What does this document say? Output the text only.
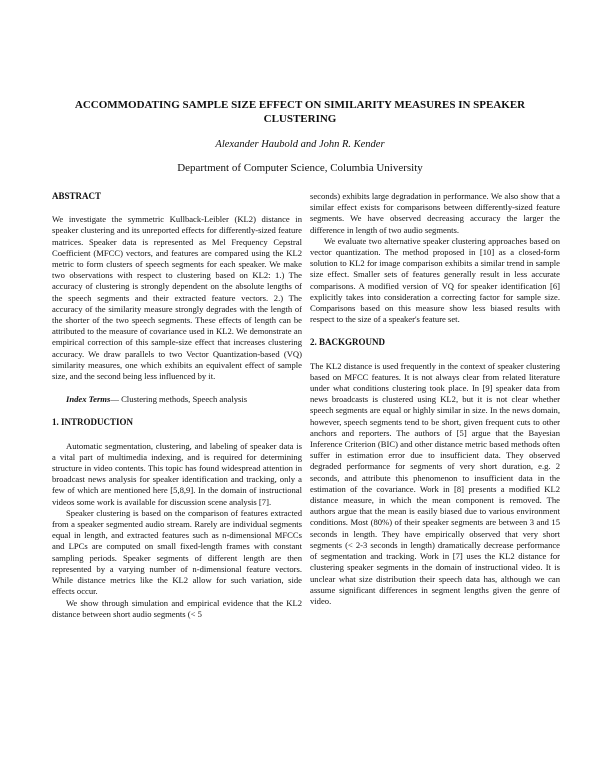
ACCOMMODATING SAMPLE SIZE EFFECT ON SIMILARITY MEASURES IN SPEAKER CLUSTERING
Alexander Haubold and John R. Kender
Department of Computer Science, Columbia University

ABSTRACT

We investigate the symmetric Kullback-Leibler (KL2) distance in speaker clustering and its unreported effects for differently-sized feature matrices. Speaker data is represented as Mel Frequency Cepstral Coefficient (MFCC) vectors, and features are compared using the KL2 metric to form clusters of speech segments for each speaker. We make two observations with respect to clustering based on KL2: 1.) The accuracy of clustering is strongly dependent on the absolute lengths of the speech segments and their extracted feature vectors. 2.) The accuracy of the similarity measure strongly degrades with the length of the shorter of the two speech segments. These effects of length can be attributed to the measure of covariance used in KL2. We demonstrate an empirical correction of this sample-size effect that increases clustering accuracy. We draw parallels to two Vector Quantization-based (VQ) similarity measures, one which exhibits an equivalent effect of sample size, and the second being less influenced by it.

Index Terms— Clustering methods, Speech analysis

1. INTRODUCTION

Automatic segmentation, clustering, and labeling of speaker data is a vital part of multimedia indexing, and is required for determining structure in video contents. This topic has found widespread attention in broadcast news analysis for speaker identification and tracking, only a few of which are mentioned here [5,8,9]. In the domain of instructional videos some work is available for discussion scene analysis [7].

Speaker clustering is based on the comparison of features extracted from a speaker segmented audio stream. Rarely are individual segments equal in length, and extracted features such as n-dimensional MFCCs and LPCs are computed on small fixed-length frames with constant sampling periods. Speaker segments of different length are then represented by a varying number of n-dimensional feature vectors. While distance metrics like the KL2 allow for such variation, side effects occur.

We show through simulation and empirical evidence that the KL2 distance between short audio segments (< 5

seconds) exhibits large degradation in performance. We also show that a similar effect exists for comparisons between differently-sized feature segments. We have observed decreasing accuracy the larger the difference in length of two audio segments.

We evaluate two alternative speaker clustering approaches based on vector quantization. The method proposed in [10] as a closed-form solution to KL2 for image comparison exhibits a similar trend in sample size effect. Smaller sets of features generally result in less accurate comparisons. A modified version of VQ for speaker identification [6] explicitly takes into consideration a correcting factor for sample size. Comparisons based on this measure show less biased results with respect to the size of a speaker's feature set.

2. BACKGROUND

The KL2 distance is used frequently in the context of speaker clustering based on MFCC features. It is not always clear from related literature under what conditions clustering took place. In [9] speaker data from news broadcasts is clustered using KL2, but it is not clear whether speech segments are equal or highly similar in size. In the news domain, however, speech segments tend to be short, given frequent cuts to other anchors and reporters. The authors of [5] argue that the Bayesian Inference Criterion (BIC) and other distance metric based methods often suffer in estimation error due to insufficient data. They observed degraded performance for segments of very short duration, e.g. 2 seconds, and attribute this phenomenon to insufficient data in the estimation of the covariance. Work in [8] presents a modified KL2 distance measure, in which the mean component is removed. The authors argue that the mean is easily biased due to various environment conditions. Most (80%) of their speaker segments are between 3 and 15 seconds in length. They have empirically observed that very short segments (< 2-3 seconds in length) dramatically decrease performance of segmentation and tracking. Work in [7] uses the KL2 distance for clustering speaker segments in the domain of instructional video. It is unclear what size distribution their speech data has, although we can assume significant differences in segment lengths given the genre of video.
